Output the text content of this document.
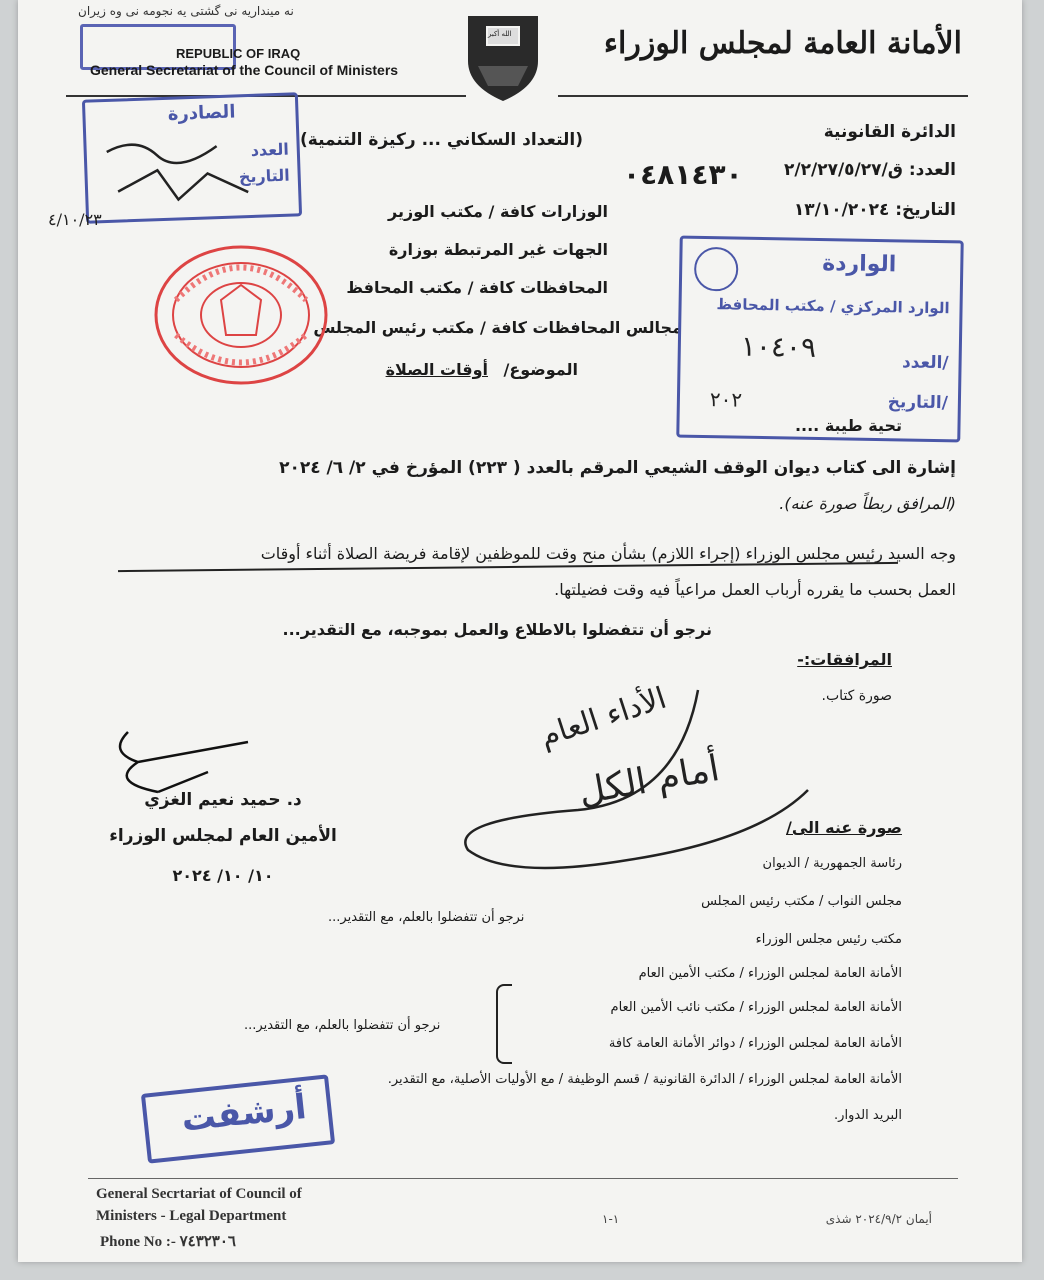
نه مینداریه نی گشتی یه نجومه نی وه زیران
REPUBLIC OF IRAQ
General Secretariat of the Council of Ministers
الله أكبر	الأمانة العامة لمجلس الوزراء
الدائرة القانونية
العدد: ق/٢/٢/٢٧/٥/٢٧
٠٤٨١٤٣٠
التاريخ: ١٣/١٠/٢٠٢٤
(التعداد السكاني ... ركيزة التنمية)
الصادرة
العدد
التاريخ
٤/١٠/٢٣	الوزارات كافة / مكتب الوزير
الجهات غير المرتبطة بوزارة
المحافظات كافة / مكتب المحافظ
مجالس المحافظات كافة / مكتب رئيس المجلس
الموضوع/
أوقات الصلاة
الواردة
الوارد المركزي / مكتب المحافظ
العدد/
التاريخ/
١٠٤٠٩
٢٠٢
تحية طيبة ....
إشارة الى كتاب ديوان الوقف الشيعي المرقم بالعدد ( ٢٢٣) المؤرخ في ٢/ ٦/ ٢٠٢٤
(المرافق ربطاً صورة عنه).
وجه السيد رئيس مجلس الوزراء (إجراء اللازم) بشأن منح وقت للموظفين لإقامة فريضة الصلاة أثناء أوقات
العمل بحسب ما يقرره أرباب العمل مراعياً فيه وقت فضيلتها.
نرجو أن تتفضلوا بالاطلاع والعمل بموجبه، مع التقدير...
المرافقات:-
صورة كتاب.
الأداء العام
أمام الكل
د. حميد نعيم الغزي
الأمين العام لمجلس الوزراء
١٠/ ١٠/ ٢٠٢٤
صورة عنه الى/
رئاسة الجمهورية / الديوان
مجلس النواب / مكتب رئيس المجلس
مكتب رئيس مجلس الوزراء
الأمانة العامة لمجلس الوزراء / مكتب الأمين العام
الأمانة العامة لمجلس الوزراء / مكتب نائب الأمين العام
الأمانة العامة لمجلس الوزراء / دوائر الأمانة العامة كافة
الأمانة العامة لمجلس الوزراء / الدائرة القانونية / قسم الوظيفة / مع الأوليات الأصلية، مع التقدير.
البريد الدوار.
نرجو أن تتفضلوا بالعلم، مع التقدير...
نرجو أن تتفضلوا بالعلم، مع التقدير...
أرشفت
General Secrtariat of Council of
Ministers - Legal Department
Phone No :- ٧٤٣٢٣٠٦
١-١	أيمان ٢٠٢٤/٩/٢ شذى
